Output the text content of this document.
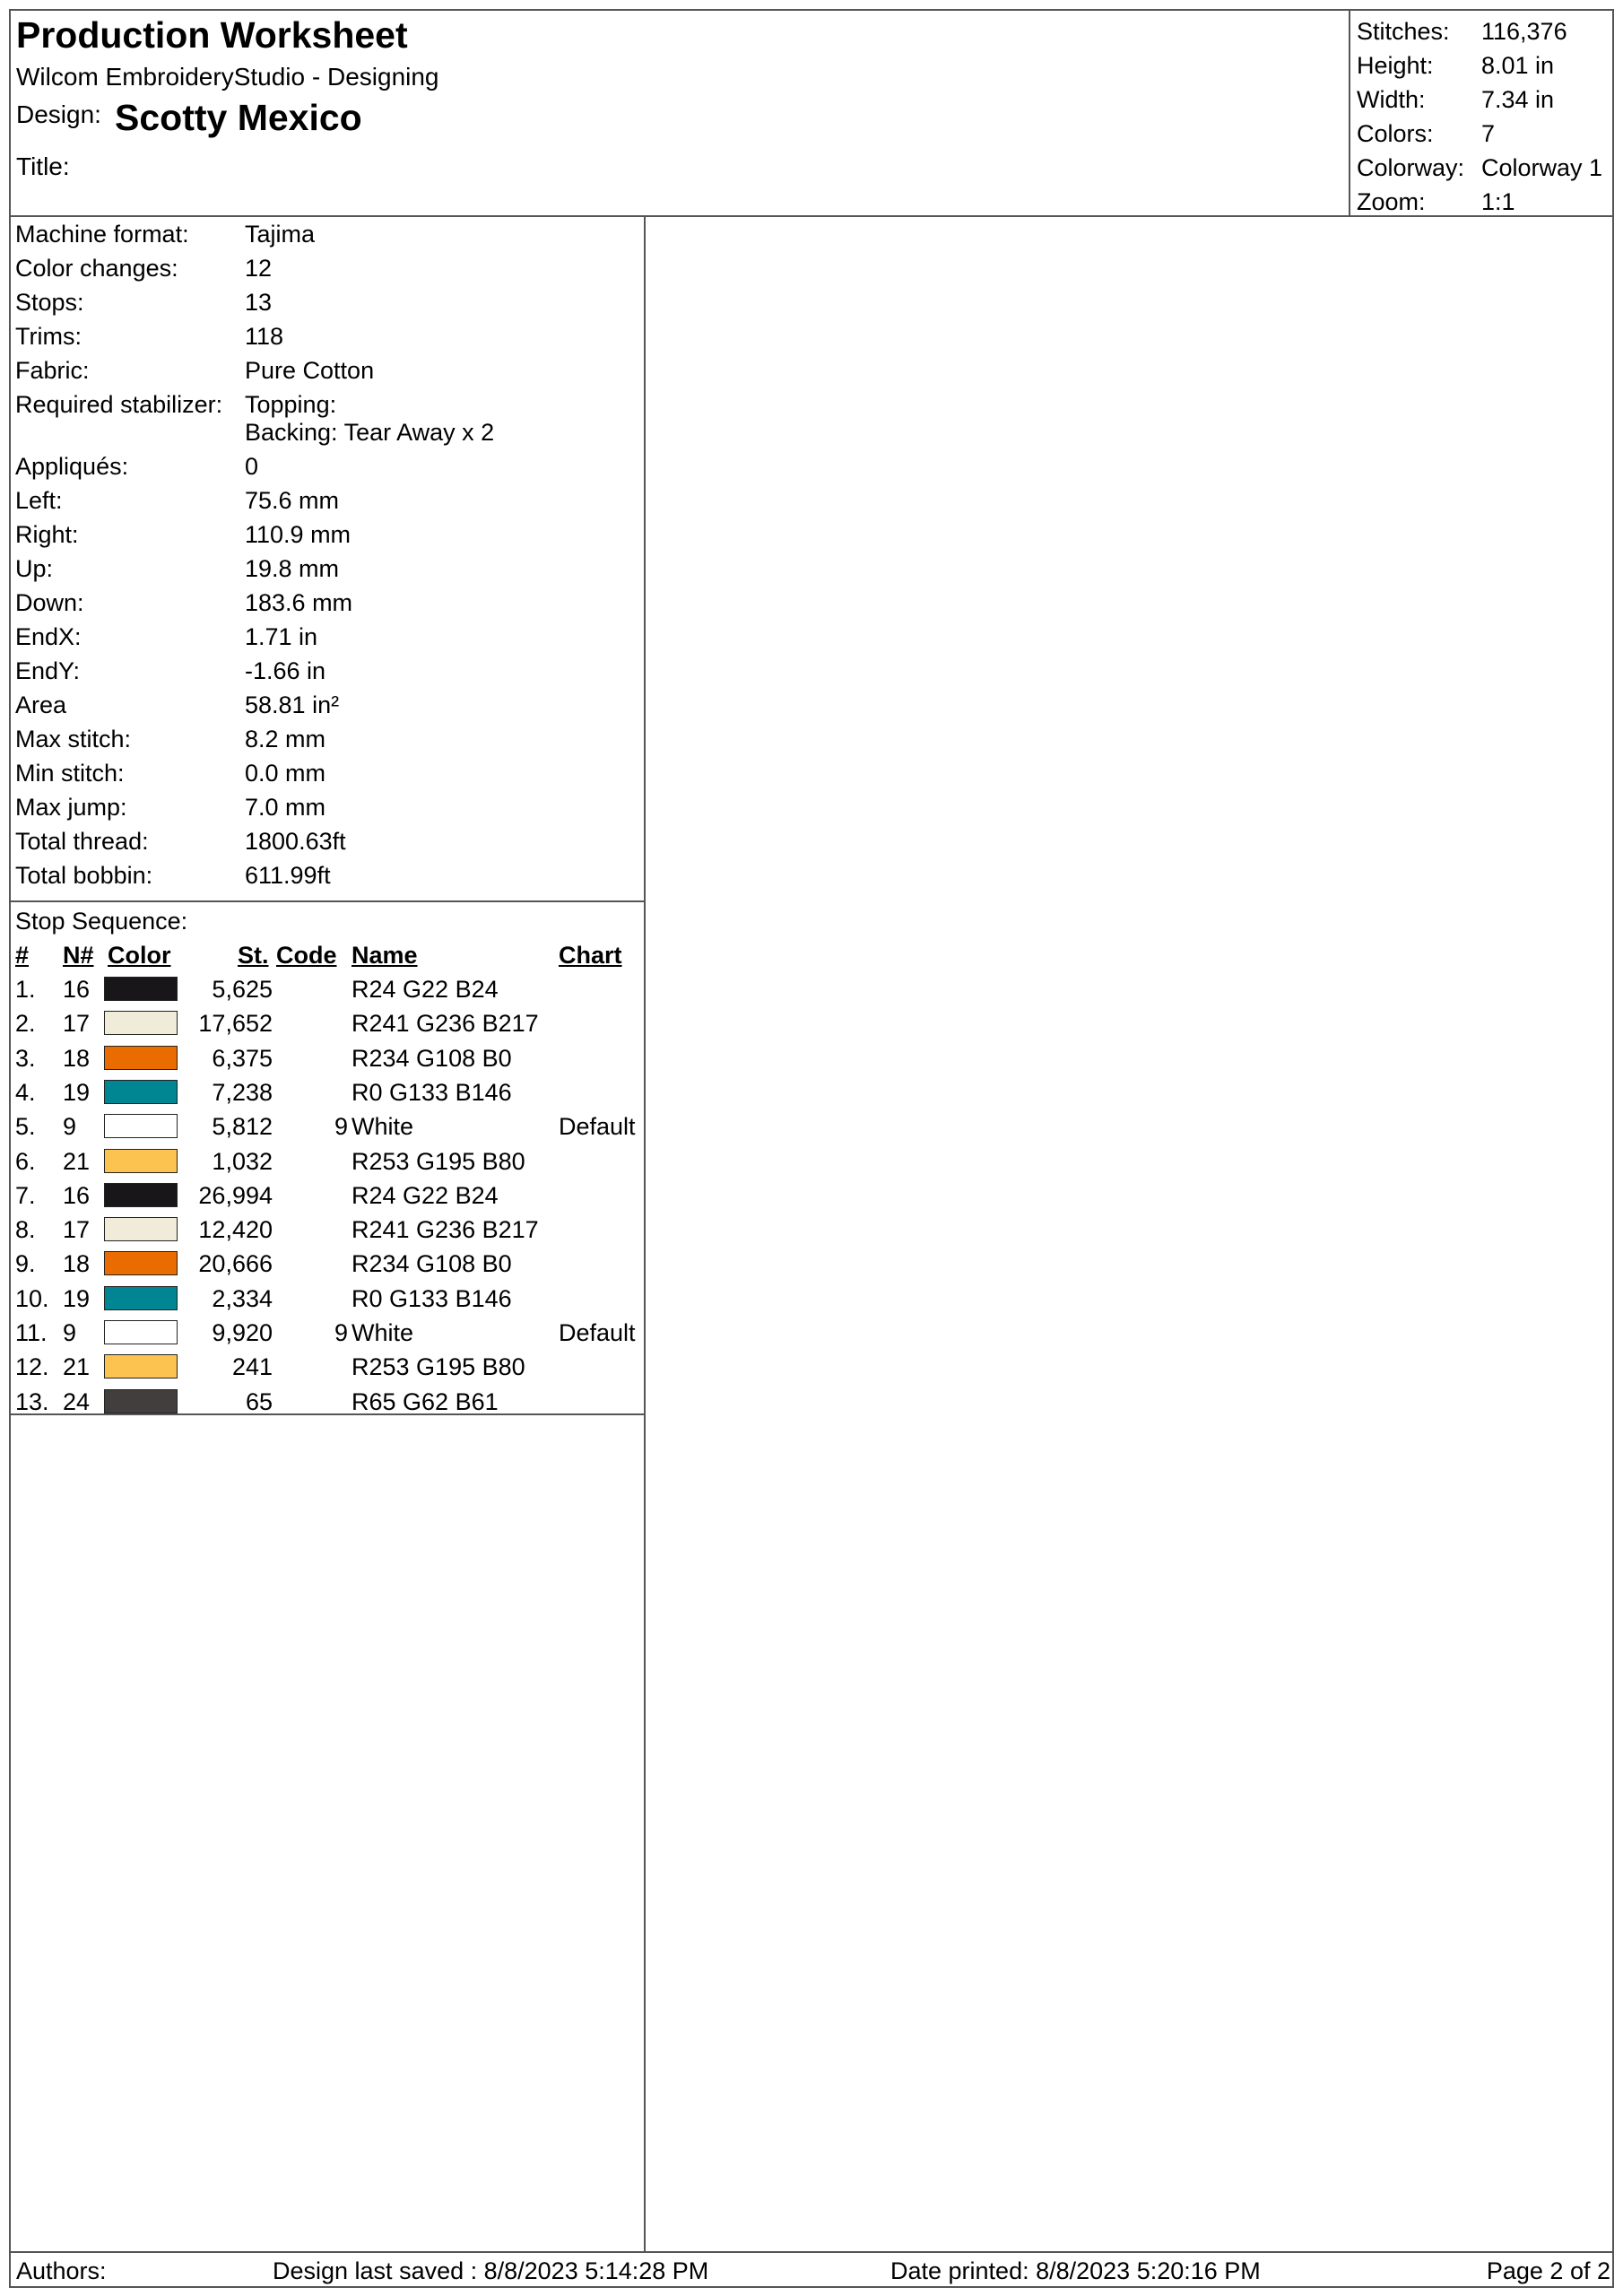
Production Worksheet
Wilcom EmbroideryStudio - Designing
Design: Scotty Mexico
Title:
Stitches: 116,376
Height: 8.01 in
Width: 7.34 in
Colors: 7
Colorway: Colorway 1
Zoom: 1:1
Machine format: Tajima
Color changes:	12
Stops:	13
Trims:	118
Fabric:	Pure Cotton
Required stabilizer: Topping:
Backing: Tear Away x 2
Appliqués:	0
Left:	75.6 mm
Right:	110.9 mm
Up:	19.8 mm
Down:	183.6 mm
EndX:	1.71 in
EndY:	-1.66 in
Area	58.81 in²
Max stitch:	8.2 mm
Min stitch:	0.0 mm
Max jump:	7.0 mm
Total thread:	1800.63ft
Total bobbin:	611.99ft
Stop Sequence:
# N# Color	St. Code Name	Chart
1. 16	5,625	R24 G22 B24
2. 17	17,652	R241 G236 B217
3. 18	6,375	R234 G108 B0
4. 19	7,238	R0 G133 B146
5. 9	5,812	9 White	Default
6. 21	1,032	R253 G195 B80
7. 16	26,994	R24 G22 B24
8. 17	12,420	R241 G236 B217
9. 18	20,666	R234 G108 B0
10. 19	2,334	R0 G133 B146
11. 9	9,920	9 White	Default
12. 21	241	R253 G195 B80
13. 24	65	R65 G62 B61
Authors:	Design last saved : 8/8/2023 5:14:28 PM	Date printed: 8/8/2023 5:20:16 PM	Page 2 of 2
